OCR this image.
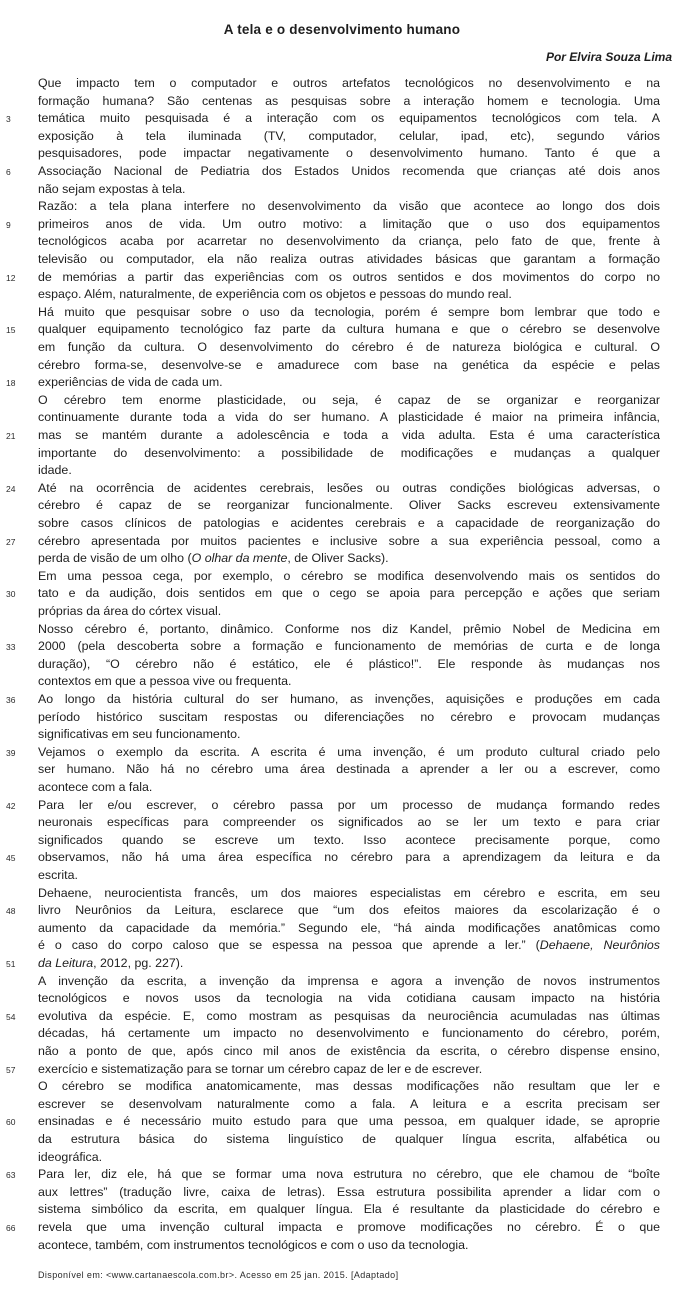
A tela e o desenvolvimento humano

Por Elvira Souza Lima

3
6
9
12
15
18
21
24
27
30
33
36
39
42
45
48
51
54
57
60
63
66
Que impacto tem o computador e outros artefatos tecnológicos no desenvolvimento e na
formação humana? São centenas as pesquisas sobre a interação homem e tecnologia. Uma
temática muito pesquisada é a interação com os equipamentos tecnológicos com tela. A
exposição à tela iluminada (TV, computador, celular, ipad, etc), segundo vários
pesquisadores, pode impactar negativamente o desenvolvimento humano. Tanto é que a
Associação Nacional de Pediatria dos Estados Unidos recomenda que crianças até dois anos
não sejam expostas à tela.
Razão: a tela plana interfere no desenvolvimento da visão que acontece ao longo dos dois
primeiros anos de vida. Um outro motivo: a limitação que o uso dos equipamentos
tecnológicos acaba por acarretar no desenvolvimento da criança, pelo fato de que, frente à
televisão ou computador, ela não realiza outras atividades básicas que garantam a formação
de memórias a partir das experiências com os outros sentidos e dos movimentos do corpo no
espaço. Além, naturalmente, de experiência com os objetos e pessoas do mundo real.
Há muito que pesquisar sobre o uso da tecnologia, porém é sempre bom lembrar que todo e
qualquer equipamento tecnológico faz parte da cultura humana e que o cérebro se desenvolve
em função da cultura. O desenvolvimento do cérebro é de natureza biológica e cultural. O
cérebro forma-se, desenvolve-se e amadurece com base na genética da espécie e pelas
experiências de vida de cada um.
O cérebro tem enorme plasticidade, ou seja, é capaz de se organizar e reorganizar
continuamente durante toda a vida do ser humano. A plasticidade é maior na primeira infância,
mas se mantém durante a adolescência e toda a vida adulta. Esta é uma característica
importante do desenvolvimento: a possibilidade de modificações e mudanças a qualquer
idade.
Até na ocorrência de acidentes cerebrais, lesões ou outras condições biológicas adversas, o
cérebro é capaz de se reorganizar funcionalmente. Oliver Sacks escreveu extensivamente
sobre casos clínicos de patologias e acidentes cerebrais e a capacidade de reorganização do
cérebro apresentada por muitos pacientes e inclusive sobre a sua experiência pessoal, como a
perda de visão de um olho (O olhar da mente, de Oliver Sacks).
Em uma pessoa cega, por exemplo, o cérebro se modifica desenvolvendo mais os sentidos do
tato e da audição, dois sentidos em que o cego se apoia para percepção e ações que seriam
próprias da área do córtex visual.
Nosso cérebro é, portanto, dinâmico. Conforme nos diz Kandel, prêmio Nobel de Medicina em
2000 (pela descoberta sobre a formação e funcionamento de memórias de curta e de longa
duração), “O cérebro não é estático, ele é plástico!”. Ele responde às mudanças nos
contextos em que a pessoa vive ou frequenta.
Ao longo da história cultural do ser humano, as invenções, aquisições e produções em cada
período histórico suscitam respostas ou diferenciações no cérebro e provocam mudanças
significativas em seu funcionamento.
Vejamos o exemplo da escrita. A escrita é uma invenção, é um produto cultural criado pelo
ser humano. Não há no cérebro uma área destinada a aprender a ler ou a escrever, como
acontece com a fala.
Para ler e/ou escrever, o cérebro passa por um processo de mudança formando redes
neuronais específicas para compreender os significados ao se ler um texto e para criar
significados quando se escreve um texto. Isso acontece precisamente porque, como
observamos, não há uma área específica no cérebro para a aprendizagem da leitura e da
escrita.
Dehaene, neurocientista francês, um dos maiores especialistas em cérebro e escrita, em seu
livro Neurônios da Leitura, esclarece que “um dos efeitos maiores da escolarização é o
aumento da capacidade da memória.” Segundo ele, “há ainda modificações anatômicas como
é o caso do corpo caloso que se espessa na pessoa que aprende a ler.” (Dehaene, Neurônios
da Leitura, 2012, pg. 227).
A invenção da escrita, a invenção da imprensa e agora a invenção de novos instrumentos
tecnológicos e novos usos da tecnologia na vida cotidiana causam impacto na história
evolutiva da espécie. E, como mostram as pesquisas da neurociência acumuladas nas últimas
décadas, há certamente um impacto no desenvolvimento e funcionamento do cérebro, porém,
não a ponto de que, após cinco mil anos de existência da escrita, o cérebro dispense ensino,
exercício e sistematização para se tornar um cérebro capaz de ler e de escrever.
O cérebro se modifica anatomicamente, mas dessas modificações não resultam que ler e
escrever se desenvolvam naturalmente como a fala. A leitura e a escrita precisam ser
ensinadas e é necessário muito estudo para que uma pessoa, em qualquer idade, se aproprie
da estrutura básica do sistema linguístico de qualquer língua escrita, alfabética ou
ideográfica.
Para ler, diz ele, há que se formar uma nova estrutura no cérebro, que ele chamou de “boîte
aux lettres” (tradução livre, caixa de letras). Essa estrutura possibilita aprender a lidar com o
sistema simbólico da escrita, em qualquer língua. Ela é resultante da plasticidade do cérebro e
revela que uma invenção cultural impacta e promove modificações no cérebro. É o que
acontece, também, com instrumentos tecnológicos e com o uso da tecnologia.

Disponível em: <www.cartanaescola.com.br>. Acesso em 25 jan. 2015. [Adaptado]
